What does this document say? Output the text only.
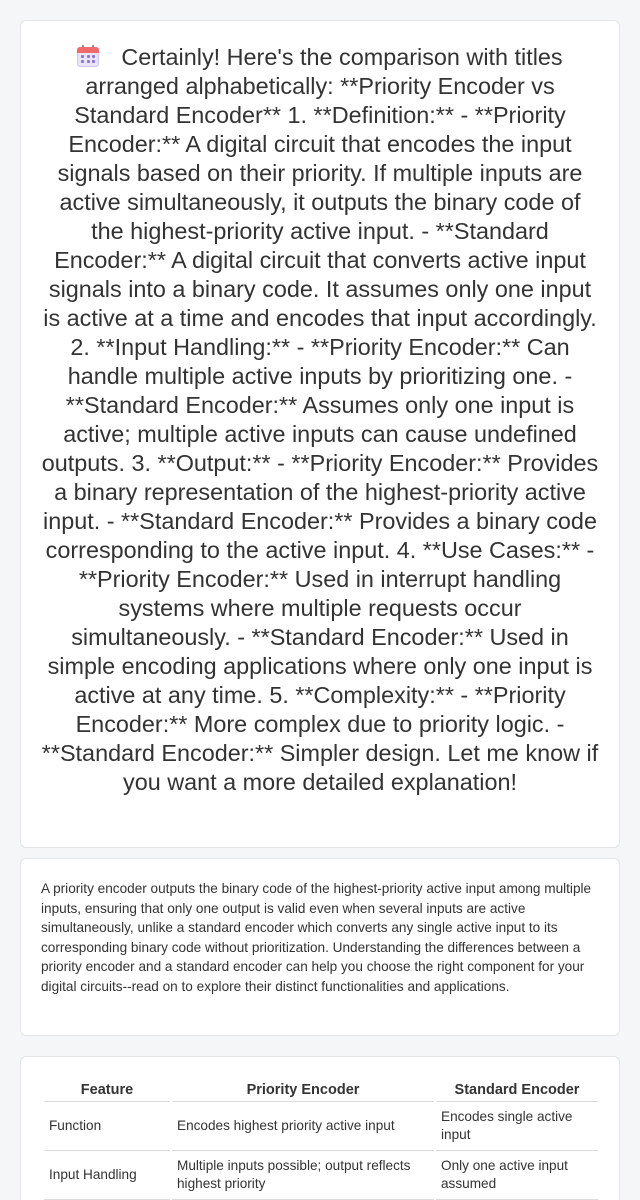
Certainly! Here's the comparison with titles arranged alphabetically: **Priority Encoder vs Standard Encoder** 1. **Definition:** - **Priority Encoder:** A digital circuit that encodes the input signals based on their priority. If multiple inputs are active simultaneously, it outputs the binary code of the highest-priority active input. - **Standard Encoder:** A digital circuit that converts active input signals into a binary code. It assumes only one input is active at a time and encodes that input accordingly. 2. **Input Handling:** - **Priority Encoder:** Can handle multiple active inputs by prioritizing one. - **Standard Encoder:** Assumes only one input is active; multiple active inputs can cause undefined outputs. 3. **Output:** - **Priority Encoder:** Provides a binary representation of the highest-priority active input. - **Standard Encoder:** Provides a binary code corresponding to the active input. 4. **Use Cases:** - **Priority Encoder:** Used in interrupt handling systems where multiple requests occur simultaneously. - **Standard Encoder:** Used in simple encoding applications where only one input is active at any time. 5. **Complexity:** - **Priority Encoder:** More complex due to priority logic. - **Standard Encoder:** Simpler design. Let me know if you want a more detailed explanation!

A priority encoder outputs the binary code of the highest-priority active input among multiple inputs, ensuring that only one output is valid even when several inputs are active simultaneously, unlike a standard encoder which converts any single active input to its corresponding binary code without prioritization. Understanding the differences between a priority encoder and a standard encoder can help you choose the right component for your digital circuits--read on to explore their distinct functionalities and applications.

Feature	Priority Encoder	Standard Encoder
Function	Encodes highest priority active input	Encodes single active input
Input Handling	Multiple inputs possible; output reflects highest priority	Only one active input assumed
